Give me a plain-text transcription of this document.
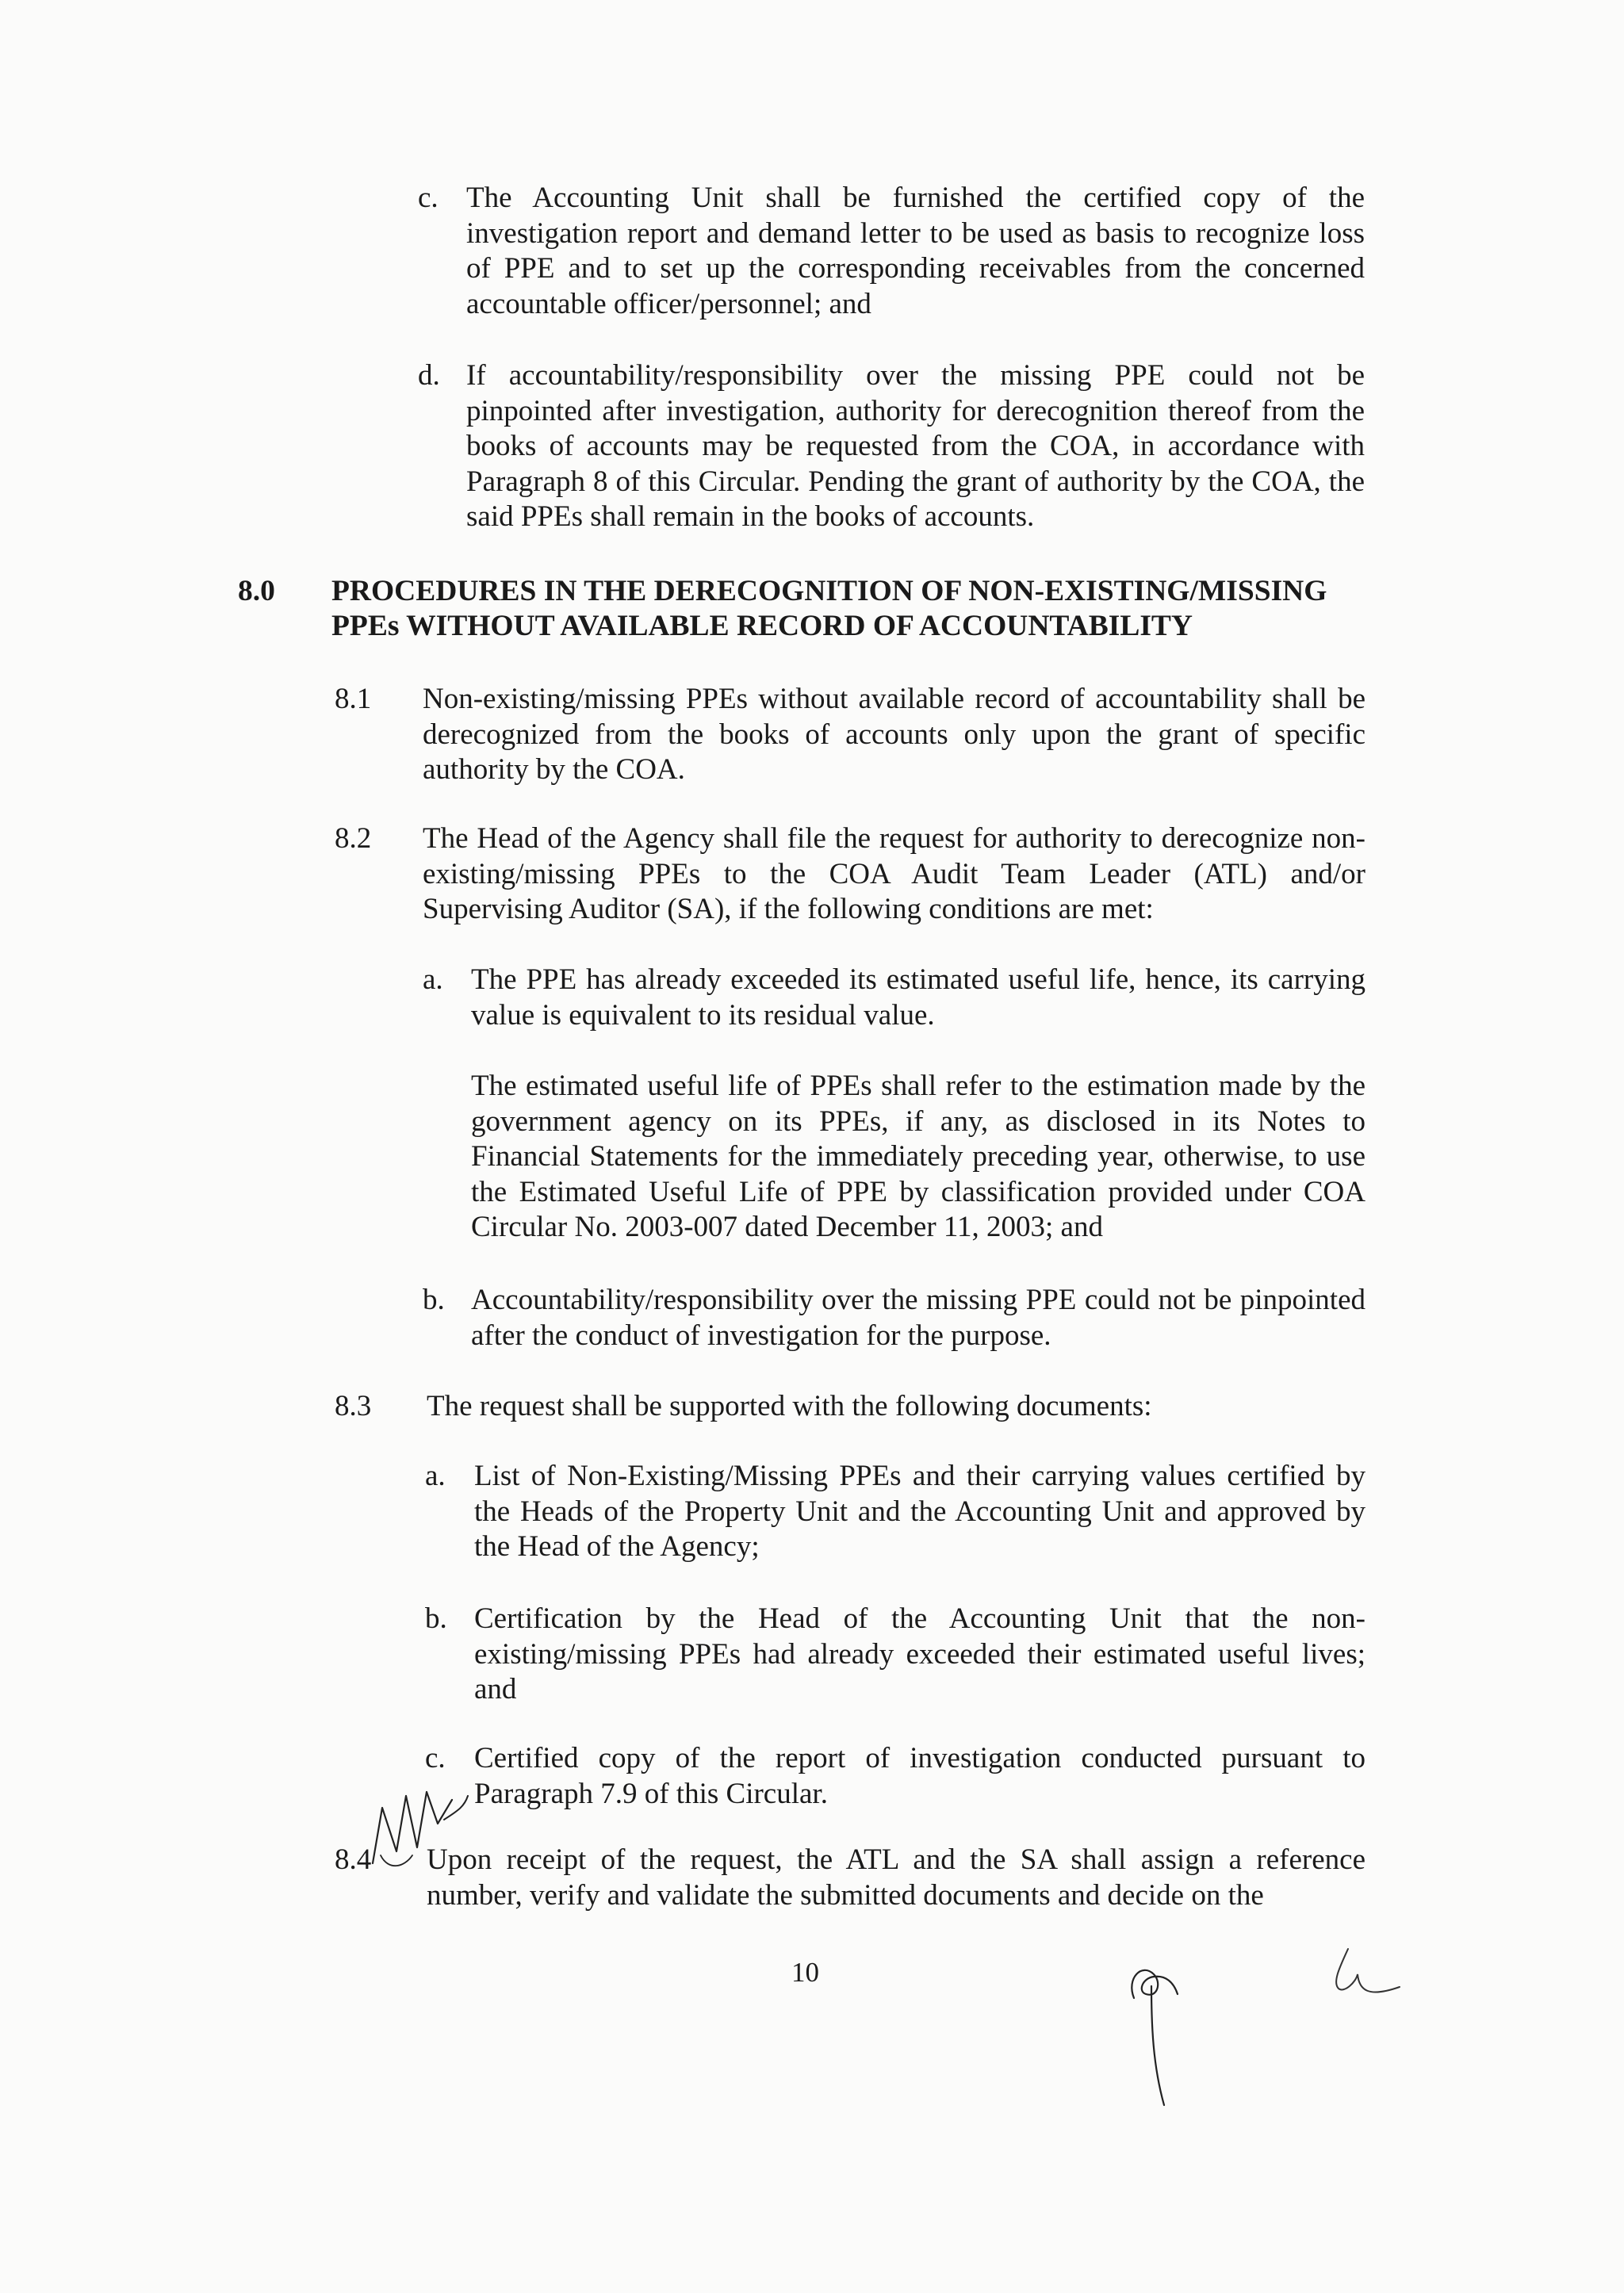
c. The Accounting Unit shall be furnished the certified copy of the investigation report and demand letter to be used as basis to recognize loss of PPE and to set up the corresponding receivables from the concerned accountable officer/personnel; and

d. If accountability/responsibility over the missing PPE could not be pinpointed after investigation, authority for derecognition thereof from the books of accounts may be requested from the COA, in accordance with Paragraph 8 of this Circular. Pending the grant of authority by the COA, the said PPEs shall remain in the books of accounts.

8.0 PROCEDURES IN THE DERECOGNITION OF NON-EXISTING/MISSING PPEs WITHOUT AVAILABLE RECORD OF ACCOUNTABILITY

8.1 Non-existing/missing PPEs without available record of accountability shall be derecognized from the books of accounts only upon the grant of specific authority by the COA.

8.2 The Head of the Agency shall file the request for authority to derecognize non-existing/missing PPEs to the COA Audit Team Leader (ATL) and/or Supervising Auditor (SA), if the following conditions are met:

a. The PPE has already exceeded its estimated useful life, hence, its carrying value is equivalent to its residual value.

The estimated useful life of PPEs shall refer to the estimation made by the government agency on its PPEs, if any, as disclosed in its Notes to Financial Statements for the immediately preceding year, otherwise, to use the Estimated Useful Life of PPE by classification provided under COA Circular No. 2003-007 dated December 11, 2003; and

b. Accountability/responsibility over the missing PPE could not be pinpointed after the conduct of investigation for the purpose.

8.3 The request shall be supported with the following documents:

a. List of Non-Existing/Missing PPEs and their carrying values certified by the Heads of the Property Unit and the Accounting Unit and approved by the Head of the Agency;

b. Certification by the Head of the Accounting Unit that the non-existing/missing PPEs had already exceeded their estimated useful lives; and

c. Certified copy of the report of investigation conducted pursuant to Paragraph 7.9 of this Circular.

8.4 Upon receipt of the request, the ATL and the SA shall assign a reference number, verify and validate the submitted documents and decide on the

10
